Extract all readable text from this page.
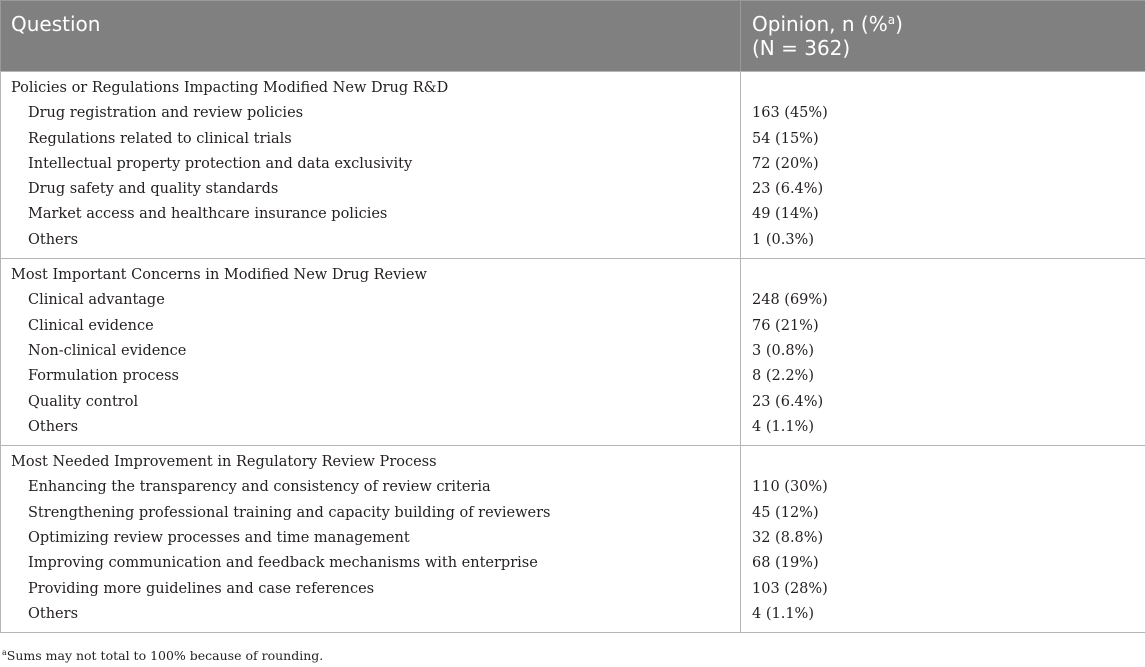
Question	Opinion, n (%$^a$)
(N = 362)
Policies or Regulations Impacting Modified New Drug R&D	
Drug registration and review policies	163 (45%)
Regulations related to clinical trials	54 (15%)
Intellectual property protection and data exclusivity	72 (20%)
Drug safety and quality standards	23 (6.4%)
Market access and healthcare insurance policies	49 (14%)
Others	1 (0.3%)
Most Important Concerns in Modified New Drug Review	
Clinical advantage	248 (69%)
Clinical evidence	76 (21%)
Non-clinical evidence	3 (0.8%)
Formulation process	8 (2.2%)
Quality control	23 (6.4%)
Others	4 (1.1%)
Most Needed Improvement in Regulatory Review Process	
Enhancing the transparency and consistency of review criteria	110 (30%)
Strengthening professional training and capacity building of reviewers	45 (12%)
Optimizing review processes and time management	32 (8.8%)
Improving communication and feedback mechanisms with enterprise	68 (19%)
Providing more guidelines and case references	103 (28%)
Others	4 (1.1%)
$^a$Sums may not total to 100% because of rounding.
